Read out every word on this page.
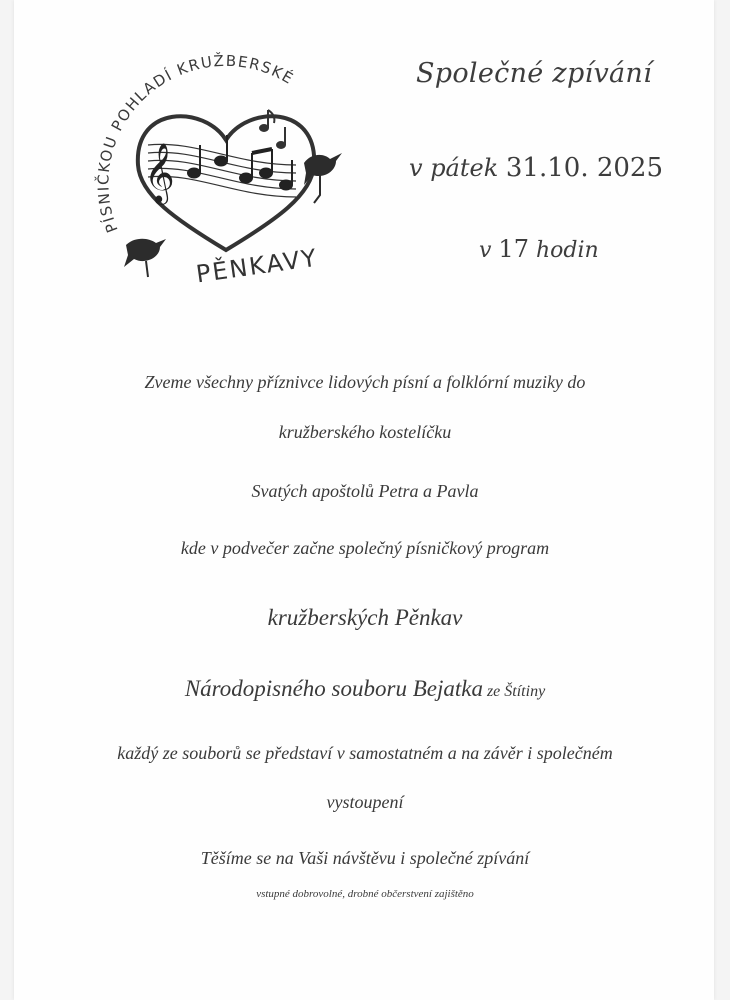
PÍSNIČKOU POHLADÍ KRUŽBERSKÉ
𝄞
PĚNKAVY
Společné zpívání
v pátek 31.10. 2025
v 17 hodin
Zveme všechny příznivce lidových písní a folklórní muziky do
kružberského kostelíčku
Svatých apoštolů Petra a Pavla
kde v podvečer začne společný písničkový program
kružberských Pěnkav
Národopisného souboru Bejatka ze Štítiny
každý ze souborů se představí v samostatném a na závěr i společném
vystoupení
Těšíme se na Vaši návštěvu i společné zpívání
vstupné dobrovolné, drobné občerstvení zajištěno
